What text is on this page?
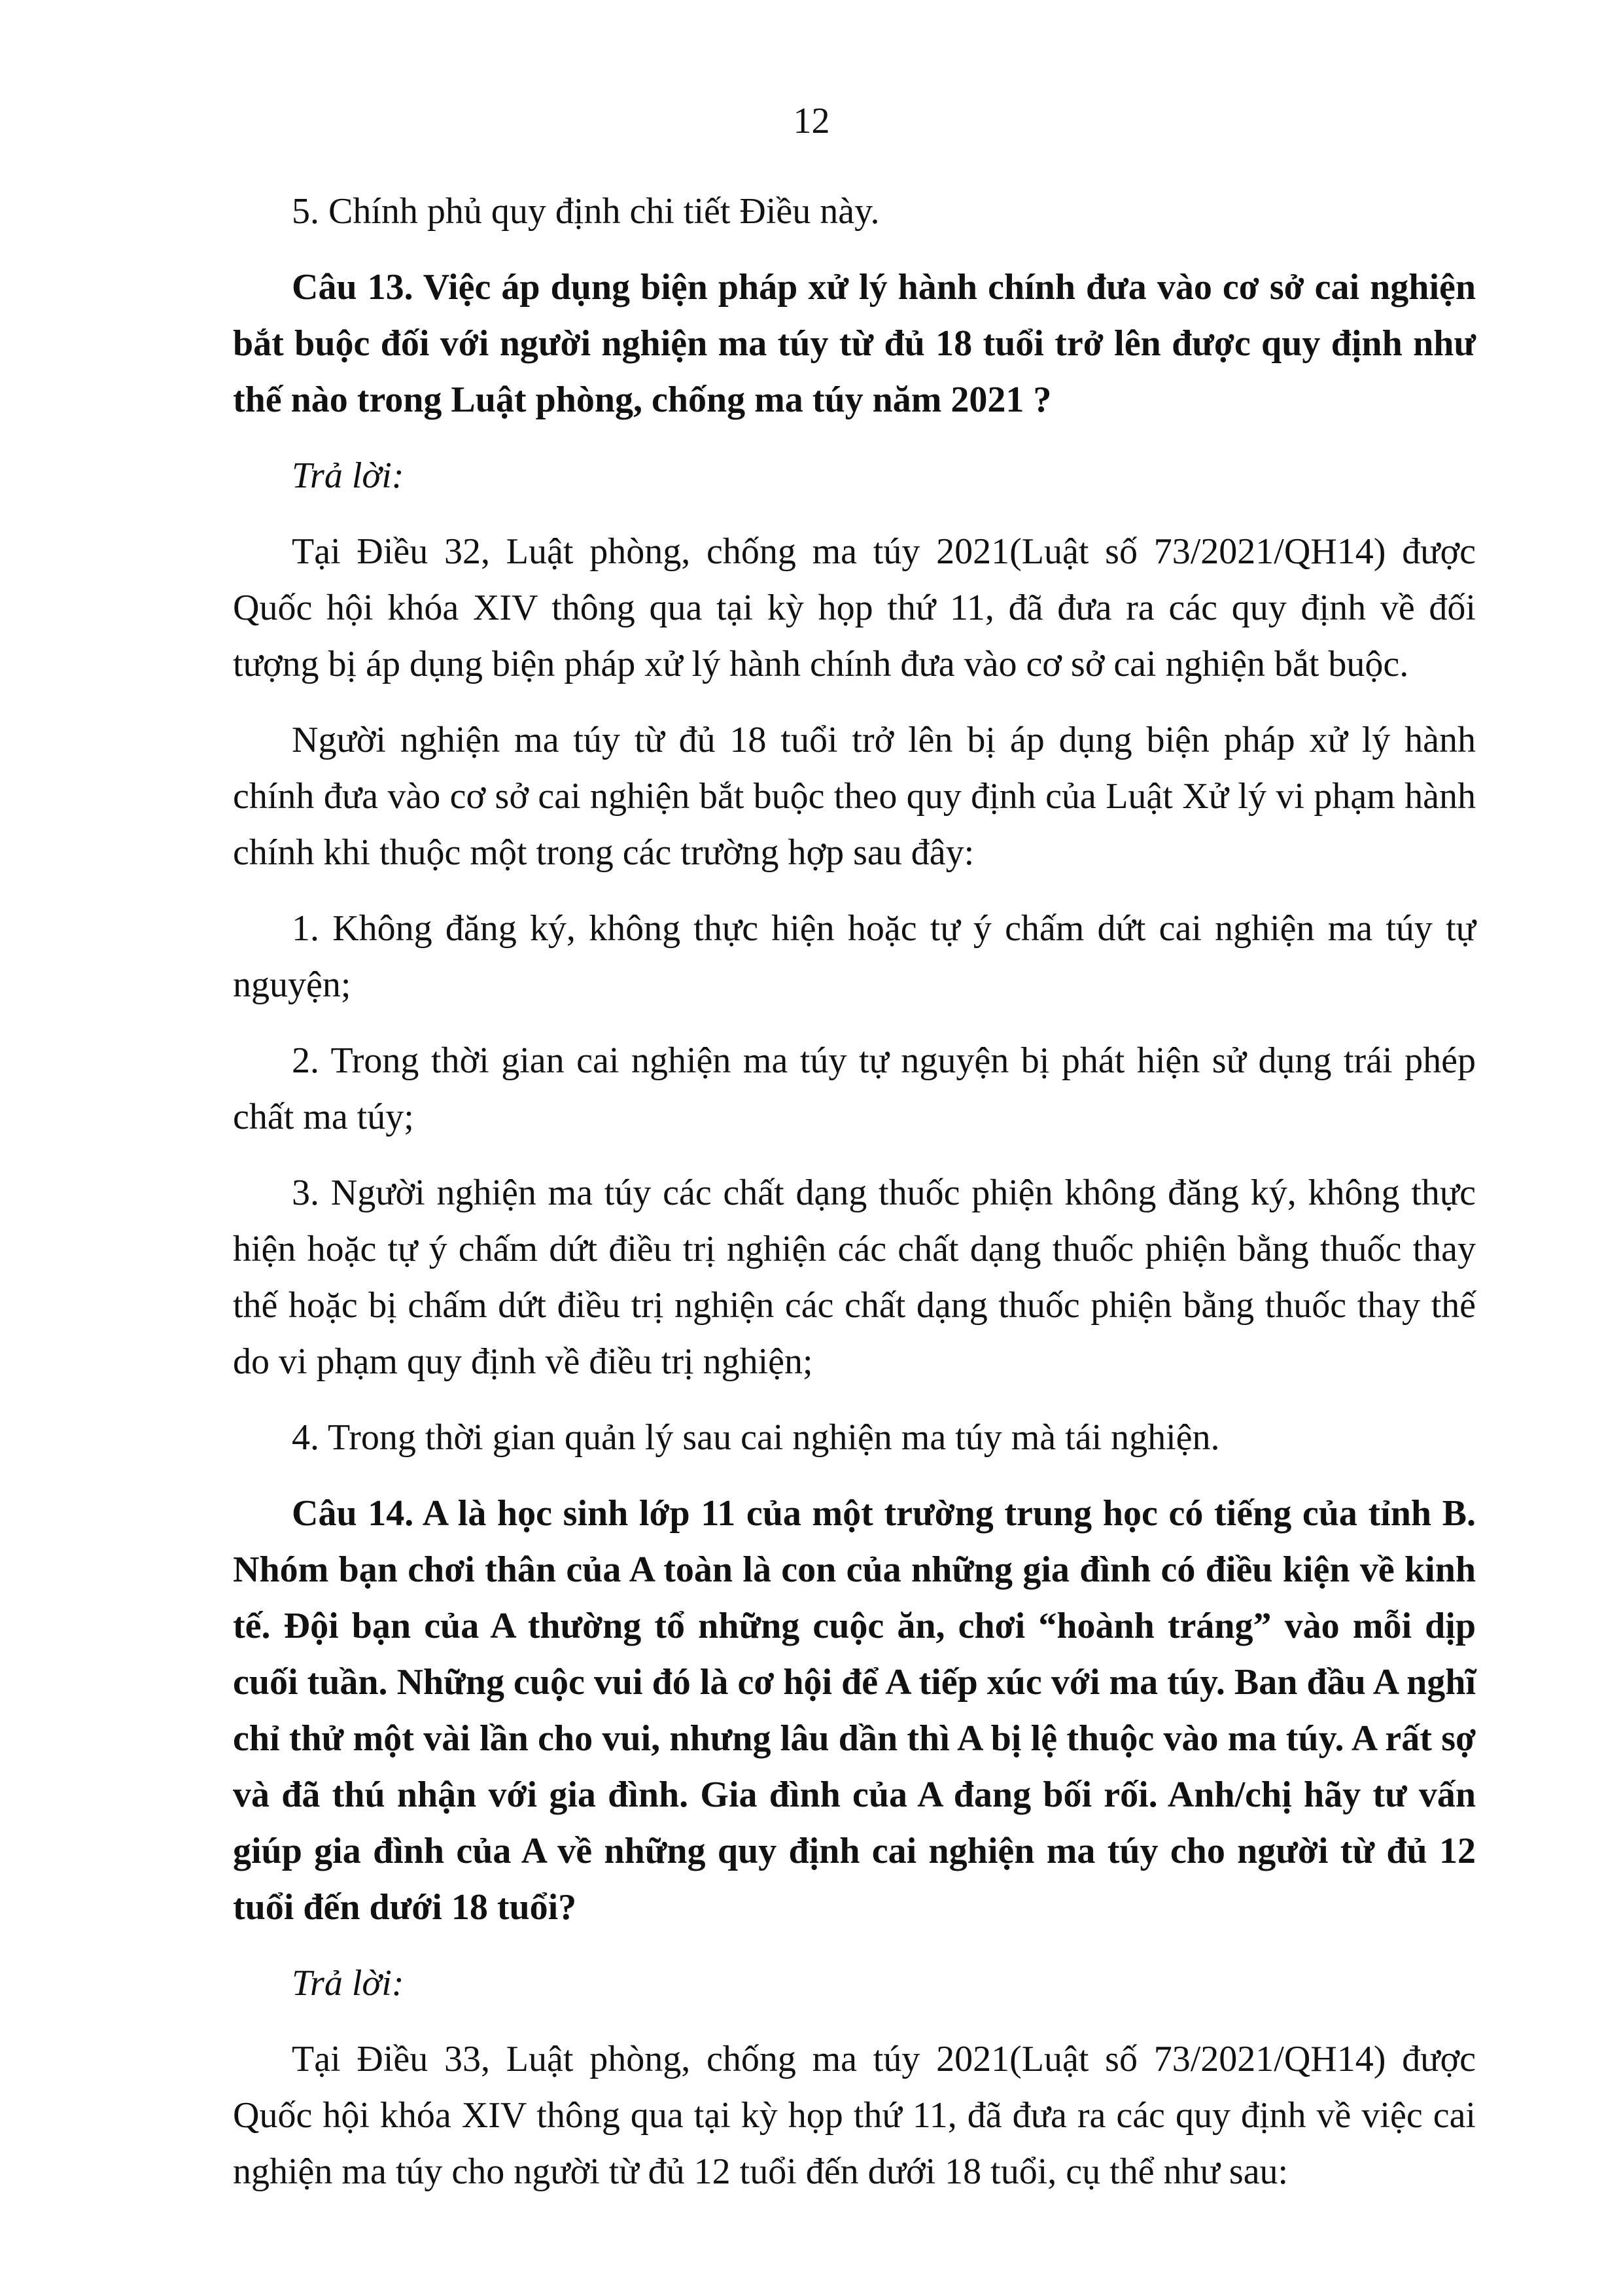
12

5. Chính phủ quy định chi tiết Điều này.

Câu 13. Việc áp dụng biện pháp xử lý hành chính đưa vào cơ sở cai nghiện bắt buộc đối với người nghiện ma túy từ đủ 18 tuổi trở lên được quy định như thế nào trong Luật phòng, chống ma túy năm 2021 ?

Trả lời:

Tại Điều 32, Luật phòng, chống ma túy 2021(Luật số 73/2021/QH14) được Quốc hội khóa XIV thông qua tại kỳ họp thứ 11, đã đưa ra các quy định về đối tượng bị áp dụng biện pháp xử lý hành chính đưa vào cơ sở cai nghiện bắt buộc.

Người nghiện ma túy từ đủ 18 tuổi trở lên bị áp dụng biện pháp xử lý hành chính đưa vào cơ sở cai nghiện bắt buộc theo quy định của Luật Xử lý vi phạm hành chính khi thuộc một trong các trường hợp sau đây:

1. Không đăng ký, không thực hiện hoặc tự ý chấm dứt cai nghiện ma túy tự nguyện;

2. Trong thời gian cai nghiện ma túy tự nguyện bị phát hiện sử dụng trái phép chất ma túy;

3. Người nghiện ma túy các chất dạng thuốc phiện không đăng ký, không thực hiện hoặc tự ý chấm dứt điều trị nghiện các chất dạng thuốc phiện bằng thuốc thay thế hoặc bị chấm dứt điều trị nghiện các chất dạng thuốc phiện bằng thuốc thay thế do vi phạm quy định về điều trị nghiện;

4. Trong thời gian quản lý sau cai nghiện ma túy mà tái nghiện.

Câu 14. A là học sinh lớp 11 của một trường trung học có tiếng của tỉnh B. Nhóm bạn chơi thân của A toàn là con của những gia đình có điều kiện về kinh tế. Đội bạn của A thường tổ những cuộc ăn, chơi “hoành tráng” vào mỗi dịp cuối tuần. Những cuộc vui đó là cơ hội để A tiếp xúc với ma túy. Ban đầu A nghĩ chỉ thử một vài lần cho vui, nhưng lâu dần thì A bị lệ thuộc vào ma túy. A rất sợ và đã thú nhận với gia đình. Gia đình của A đang bối rối. Anh/chị hãy tư vấn giúp gia đình của A về những quy định cai nghiện ma túy cho người từ đủ 12 tuổi đến dưới 18 tuổi?

Trả lời:

Tại Điều 33, Luật phòng, chống ma túy 2021(Luật số 73/2021/QH14) được Quốc hội khóa XIV thông qua tại kỳ họp thứ 11, đã đưa ra các quy định về việc cai nghiện ma túy cho người từ đủ 12 tuổi đến dưới 18 tuổi, cụ thể như sau:
